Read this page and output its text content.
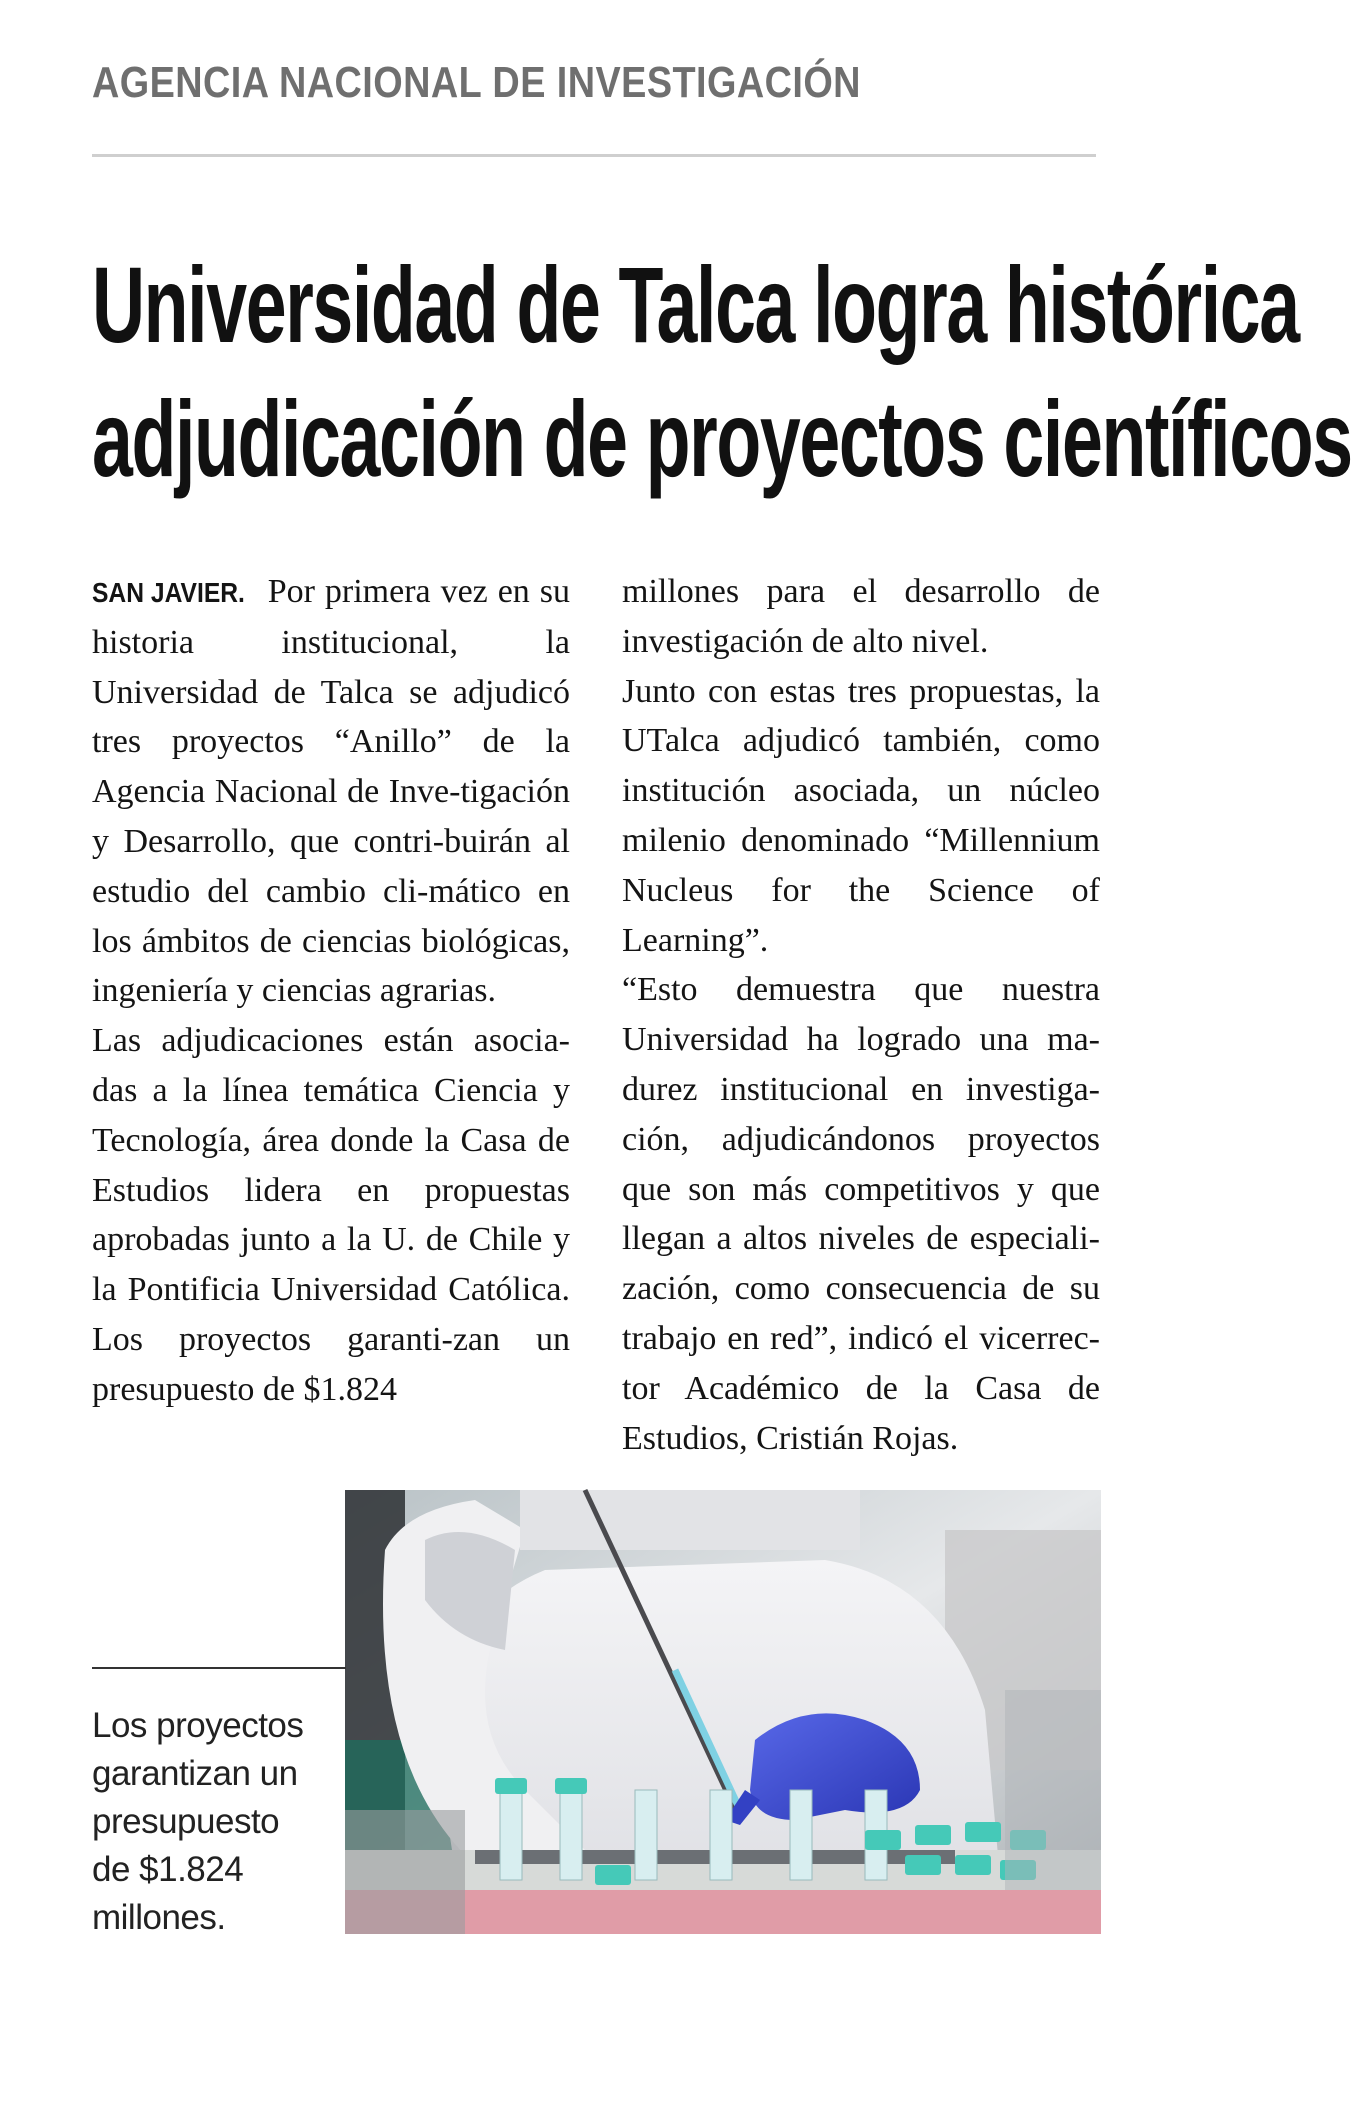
AGENCIA NACIONAL DE INVESTIGACIÓN
Universidad de Talca logra histórica
adjudicación de proyectos científicos

SAN JAVIER. Por primera vez en su historia institucional, la Universidad de Talca se adjudicó tres proyectos “Anillo” de la Agencia Nacional de Inve-tigación y Desarrollo, que contri-buirán al estudio del cambio cli-mático en los ámbitos de ciencias biológicas, ingeniería y ciencias agrarias.

Las adjudicaciones están asocia-das a la línea temática Ciencia y Tecnología, área donde la Casa de Estudios lidera en propuestas aprobadas junto a la U. de Chile y la Pontificia Universidad Católica. Los proyectos garanti-zan un presupuesto de $1.824

millones para el desarrollo de investigación de alto nivel.

Junto con estas tres propuestas, la UTalca adjudicó también, como institución asociada, un núcleo milenio denominado “Millennium Nucleus for the Science of Learning”.

“Esto demuestra que nuestra Universidad ha logrado una ma-durez institucional en investiga-ción, adjudicándonos proyectos que son más competitivos y que llegan a altos niveles de especiali-zación, como consecuencia de su trabajo en red”, indicó el vicerrec-tor Académico de la Casa de Estudios, Cristián Rojas.

Los proyectos
garantizan un
presupuesto
de $1.824
millones.
